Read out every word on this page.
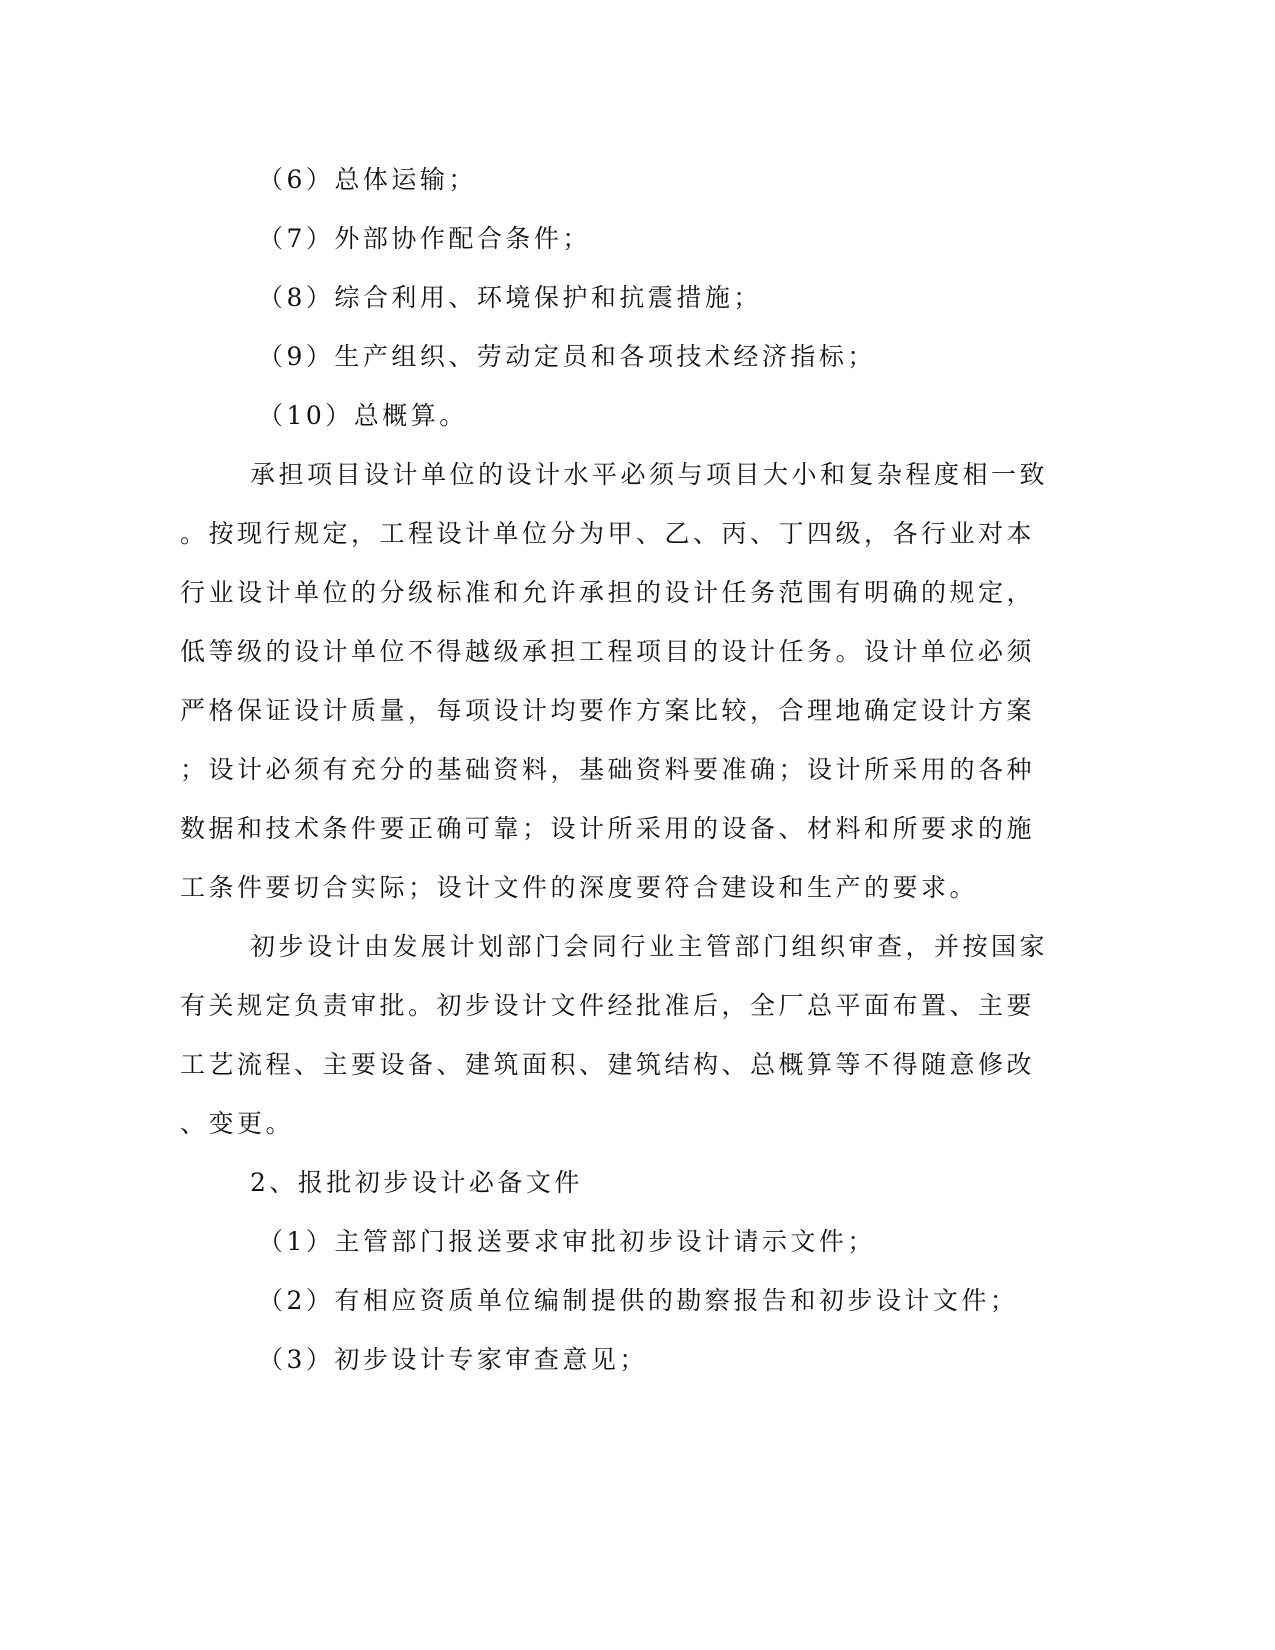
（6）总体运输；
（7）外部协作配合条件；
（8）综合利用、环境保护和抗震措施；
（9）生产组织、劳动定员和各项技术经济指标；
（10）总概算。
承担项目设计单位的设计水平必须与项目大小和复杂程度相一致
。按现行规定，工程设计单位分为甲、乙、丙、丁四级，各行业对本
行业设计单位的分级标准和允许承担的设计任务范围有明确的规定，
低等级的设计单位不得越级承担工程项目的设计任务。设计单位必须
严格保证设计质量，每项设计均要作方案比较，合理地确定设计方案
；设计必须有充分的基础资料，基础资料要准确；设计所采用的各种
数据和技术条件要正确可靠；设计所采用的设备、材料和所要求的施
工条件要切合实际；设计文件的深度要符合建设和生产的要求。
初步设计由发展计划部门会同行业主管部门组织审查，并按国家
有关规定负责审批。初步设计文件经批准后，全厂总平面布置、主要
工艺流程、主要设备、建筑面积、建筑结构、总概算等不得随意修改
、变更。
2、报批初步设计必备文件
（1）主管部门报送要求审批初步设计请示文件；
（2）有相应资质单位编制提供的勘察报告和初步设计文件；
（3）初步设计专家审查意见；
